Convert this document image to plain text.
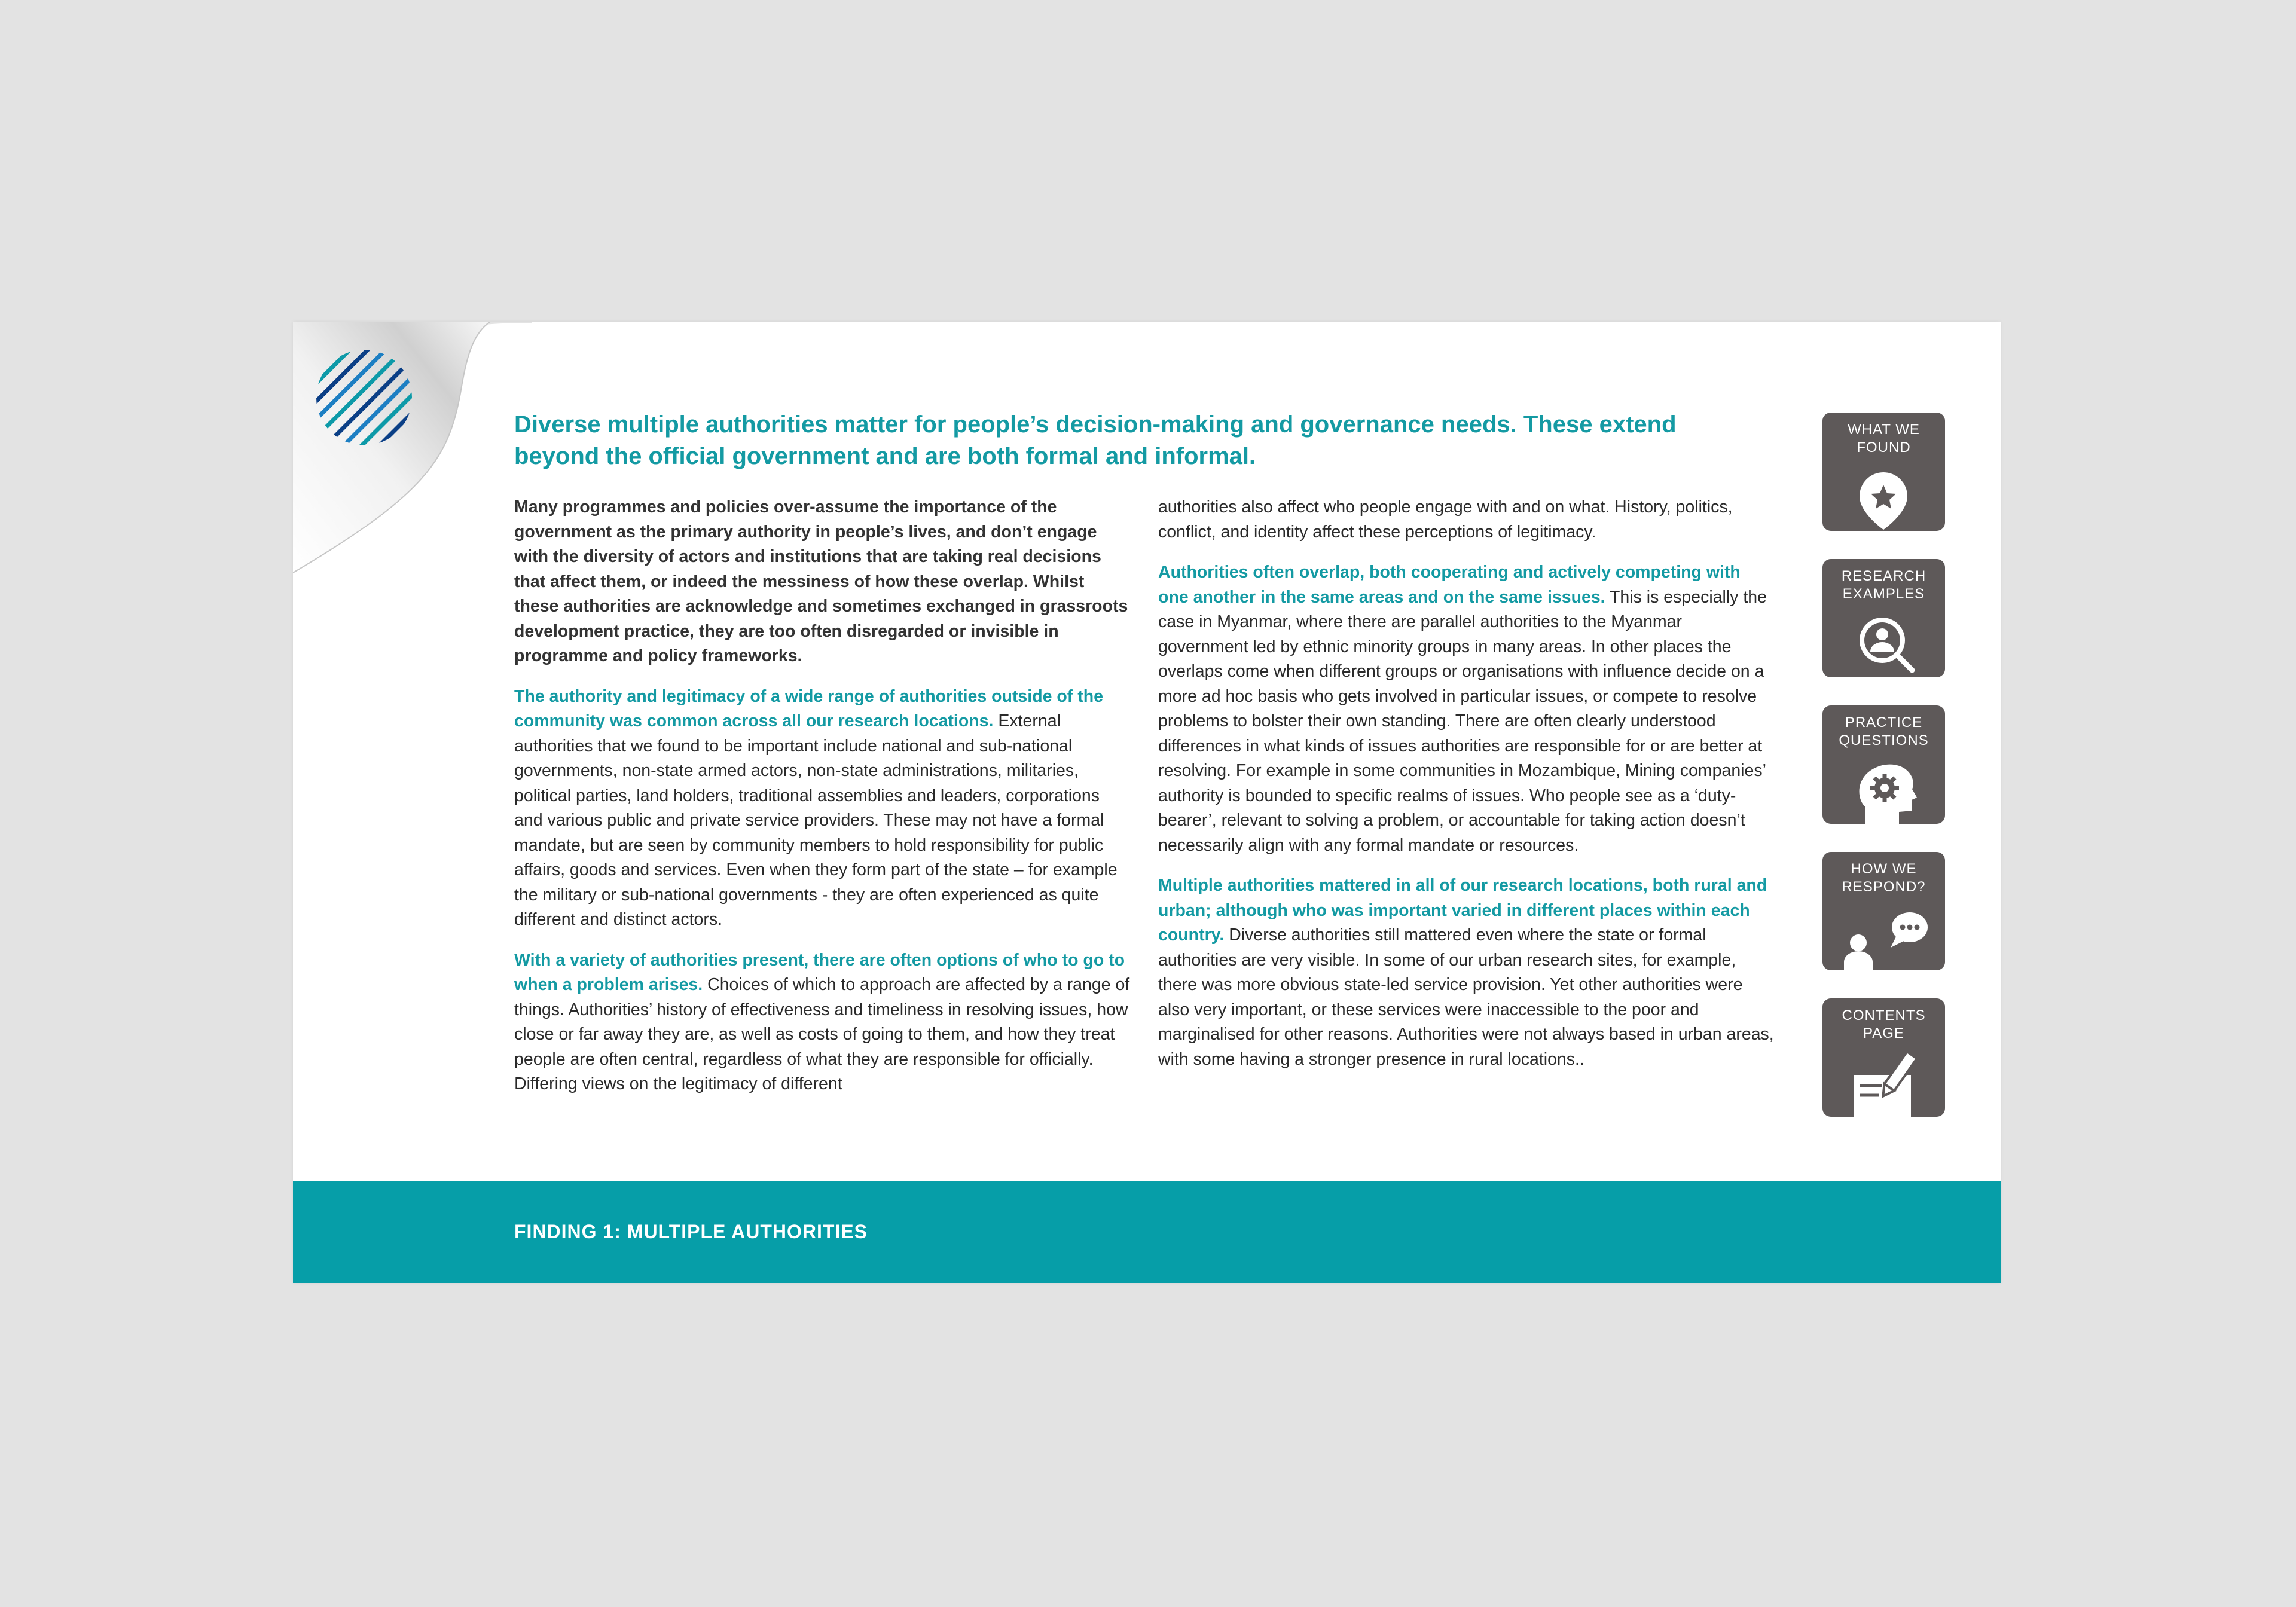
Diverse multiple authorities matter for people’s decision-making and governance needs. These extend beyond the official government and are both formal and informal.

Many programmes and policies over-assume the importance of the government as the primary authority in people’s lives, and don’t engage with the diversity of actors and institutions that are taking real decisions that affect them, or indeed the messiness of how these overlap. Whilst these authorities are acknowledge and sometimes exchanged in grassroots development practice, they are too often disregarded or invisible in programme and policy frameworks.

The authority and legitimacy of a wide range of authorities outside of the community was common across all our research locations. External authorities that we found to be important include national and sub-national governments, non-state armed actors, non-state administrations, militaries, political parties, land holders, traditional assemblies and leaders, corporations and various public and private service providers. These may not have a formal mandate, but are seen by community members to hold responsibility for public affairs, goods and services. Even when they form part of the state – for example the military or sub-national governments - they are often experienced as quite different and distinct actors.

With a variety of authorities present, there are often options of who to go to when a problem arises. Choices of which to approach are affected by a range of things. Authorities’ history of effectiveness and timeliness in resolving issues, how close or far away they are, as well as costs of going to them, and how they treat people are often central, regardless of what they are responsible for officially. Differing views on the legitimacy of different

authorities also affect who people engage with and on what. History, politics, conflict, and identity affect these perceptions of legitimacy.

Authorities often overlap, both cooperating and actively competing with one another in the same areas and on the same issues. This is especially the case in Myanmar, where there are parallel authorities to the Myanmar government led by ethnic minority groups in many areas. In other places the overlaps come when different groups or organisations with influence decide on a more ad hoc basis who gets involved in particular issues, or compete to resolve problems to bolster their own standing. There are often clearly understood differences in what kinds of issues authorities are responsible for or are better at resolving. For example in some communities in Mozambique, Mining companies’ authority is bounded to specific realms of issues. Who people see as a ‘duty-bearer’, relevant to solving a problem, or accountable for taking action doesn’t necessarily align with any formal mandate or resources.

Multiple authorities mattered in all of our research locations, both rural and urban; although who was important varied in different places within each country. Diverse authorities still mattered even where the state or formal authorities are very visible. In some of our urban research sites, for example, there was more obvious state-led service provision. Yet other authorities were also very important, or these services were inaccessible to the poor and marginalised for other reasons. Authorities were not always based in urban areas, with some having a stronger presence in rural locations..

WHAT WE
FOUND
RESEARCH
EXAMPLES
PRACTICE
QUESTIONS
HOW WE
RESPOND?
CONTENTS
PAGE
FINDING 1: MULTIPLE AUTHORITIES
